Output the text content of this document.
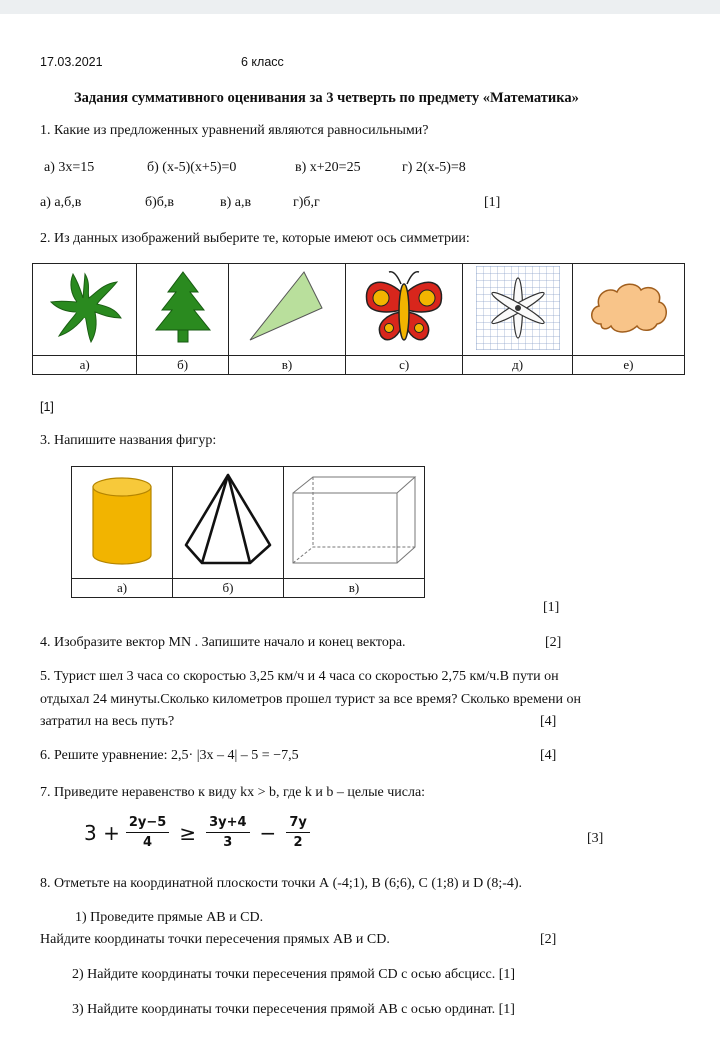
17.03.2021	6 класс
Задания суммативного оценивания за 3 четверть по предмету «Математика»
1. Какие из предложенных уравнений являются равносильными?
а) 3х=15	б) (х-5)(х+5)=0	в) х+20=25	г) 2(х-5)=8
а) а,б,в	б)б,в	в) а,в	г)б,г	[1]
2. Из данных изображений выберите те, которые имеют ось симметрии:

а)	б)	в)	с)	д)	е)
[1]
3. Напишите названия фигур:

а)	б)	в)
[1]
4. Изобразите вектор MN . Запишите начало и конец вектора.	[2]
5. Турист шел 3 часа со скоростью 3,25 км/ч и 4 часа со скоростью 2,75 км/ч.В пути он
отдыхал 24 минуты.Сколько километров прошел турист за все время? Сколько времени он
затратил на весь путь?	[4]
6. Решите уравнение: 2,5· |3х – 4| – 5 = −7,5	[4]
7. Приведите неравенство к виду kx > b, где k и b – целые числа:
$3 + \frac{2y-5}{4} \ge \frac{3y+4}{3} - \frac{7y}{2}$	[3]
8. Отметьте на координатной плоскости точки А (-4;1), В (6;6), С (1;8) и D (8;-4).
1) Проведите прямые АВ и CD.
Найдите координаты точки пересечения прямых АВ и CD.	[2]
2) Найдите координаты точки пересечения прямой CD с осью абсцисс. [1]
3) Найдите координаты точки пересечения прямой АВ с осью ординат. [1]
